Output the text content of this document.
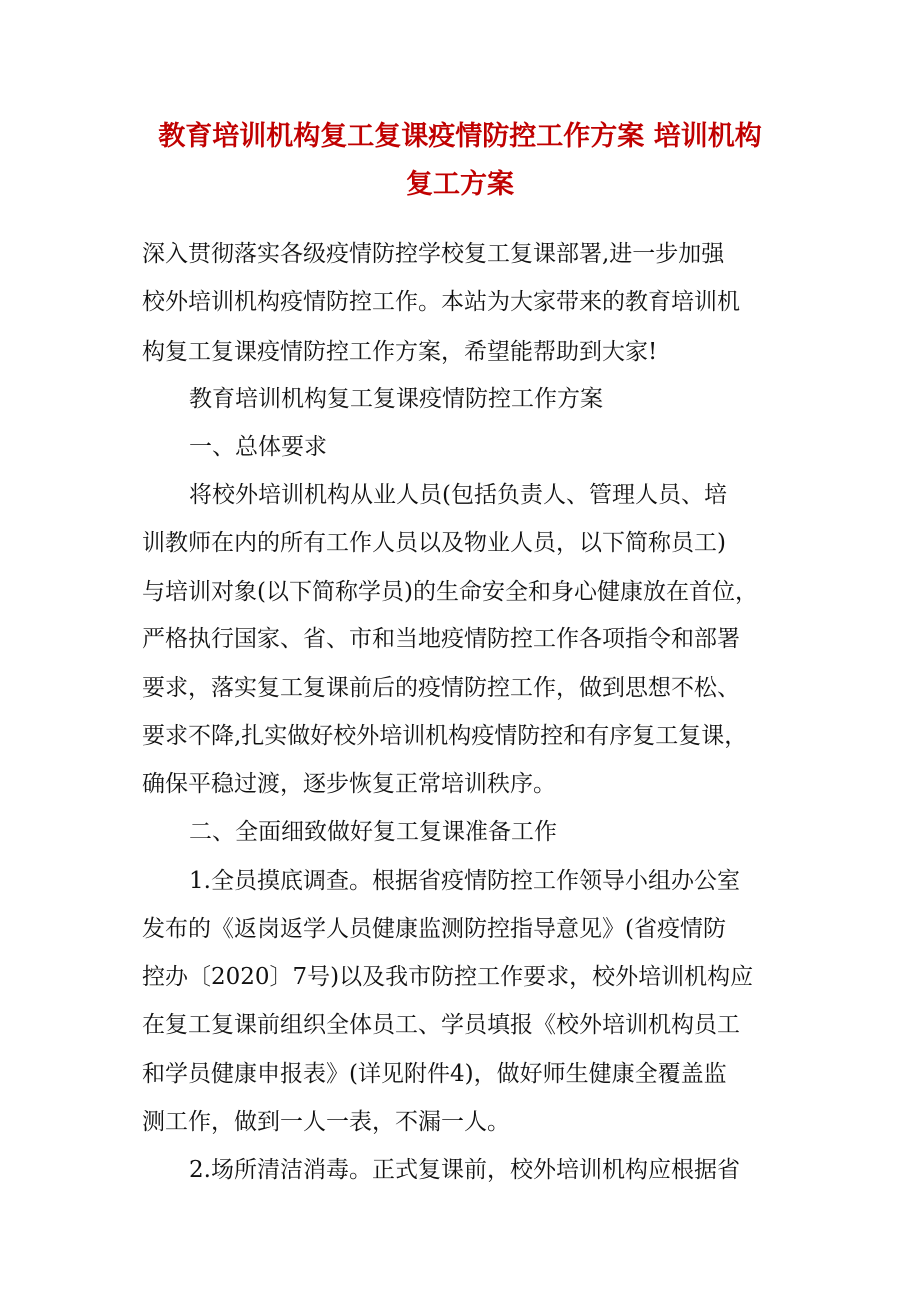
教育培训机构复工复课疫情防控工作方案 培训机构
复工方案
深入贯彻落实各级疫情防控学校复工复课部署,进一步加强
校外培训机构疫情防控工作。本站为大家带来的教育培训机
构复工复课疫情防控工作方案，希望能帮助到大家!
教育培训机构复工复课疫情防控工作方案
一、总体要求
将校外培训机构从业人员(包括负责人、管理人员、培
训教师在内的所有工作人员以及物业人员，以下简称员工)
与培训对象(以下简称学员)的生命安全和身心健康放在首位，
严格执行国家、省、市和当地疫情防控工作各项指令和部署
要求，落实复工复课前后的疫情防控工作，做到思想不松、
要求不降,扎实做好校外培训机构疫情防控和有序复工复课，
确保平稳过渡，逐步恢复正常培训秩序。
二、全面细致做好复工复课准备工作
1.全员摸底调查。根据省疫情防控工作领导小组办公室
发布的《返岗返学人员健康监测防控指导意见》(省疫情防
控办〔2020〕7号)以及我市防控工作要求，校外培训机构应
在复工复课前组织全体员工、学员填报《校外培训机构员工
和学员健康申报表》(详见附件4)，做好师生健康全覆盖监
测工作，做到一人一表，不漏一人。
2.场所清洁消毒。正式复课前，校外培训机构应根据省
